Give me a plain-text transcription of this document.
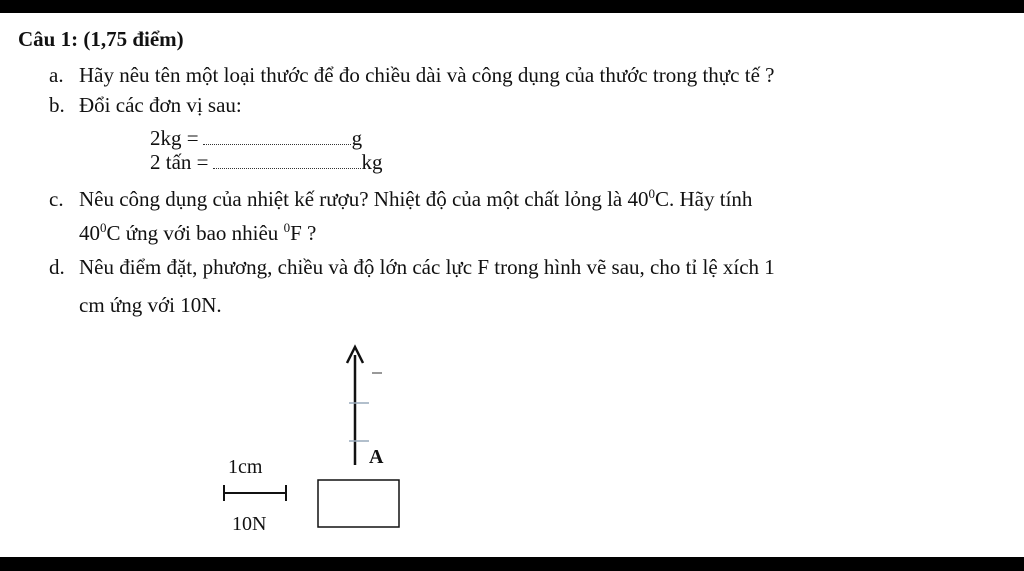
Câu 1: (1,75 điểm)
a. Hãy nêu tên một loại thước để đo chiều dài và công dụng của thước trong thực tế ?
b. Đổi các đơn vị sau:
2kg =	g
2 tấn =	kg
c. Nêu công dụng của nhiệt kế rượu? Nhiệt độ của một chất lỏng là $40^0C$. Hãy tính
$40^0C$ ứng với bao nhiêu $^0$F ?
d. Nêu điểm đặt, phương, chiều và độ lớn các lực F trong hình vẽ sau, cho tỉ lệ xích 1
cm ứng với 10N.
1cm
10N
A
